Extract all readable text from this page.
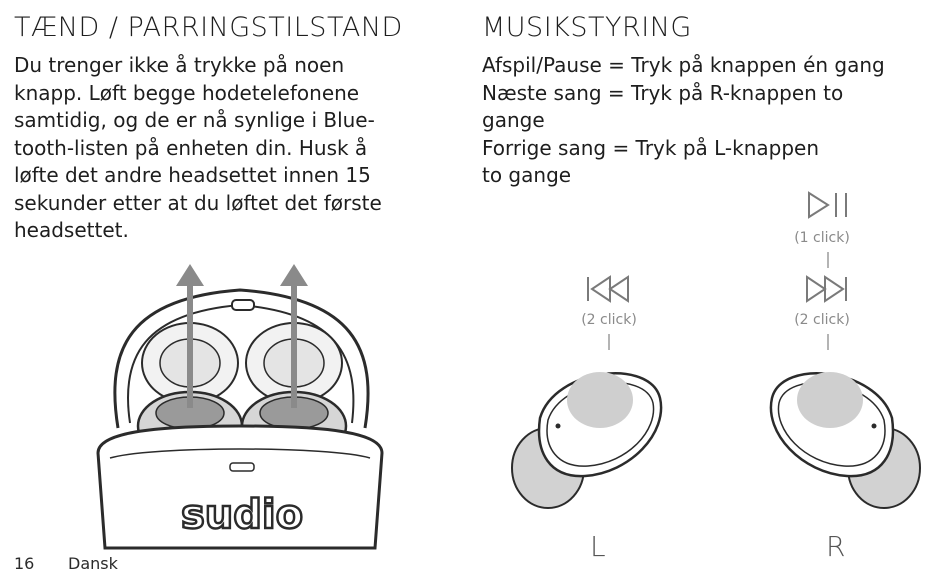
TÆND / PARRINGSTILSTAND

Du trenger ikke å trykke på noen
knapp. Løft begge hodetelefonene
samtidig, og de er nå synlige i Blue-
tooth-listen på enheten din. Husk å
løfte det andre headsettet innen 15
sekunder etter at du løftet det første
headsettet.

sudio
MUSIKSTYRING

Afspil/Pause = Tryk på knappen én gang
Næste sang = Tryk på R-knappen to
gange
Forrige sang = Tryk på L-knappen
to gange

(1 click)
(2 click)
(2 click)
L	R
16 Dansk
